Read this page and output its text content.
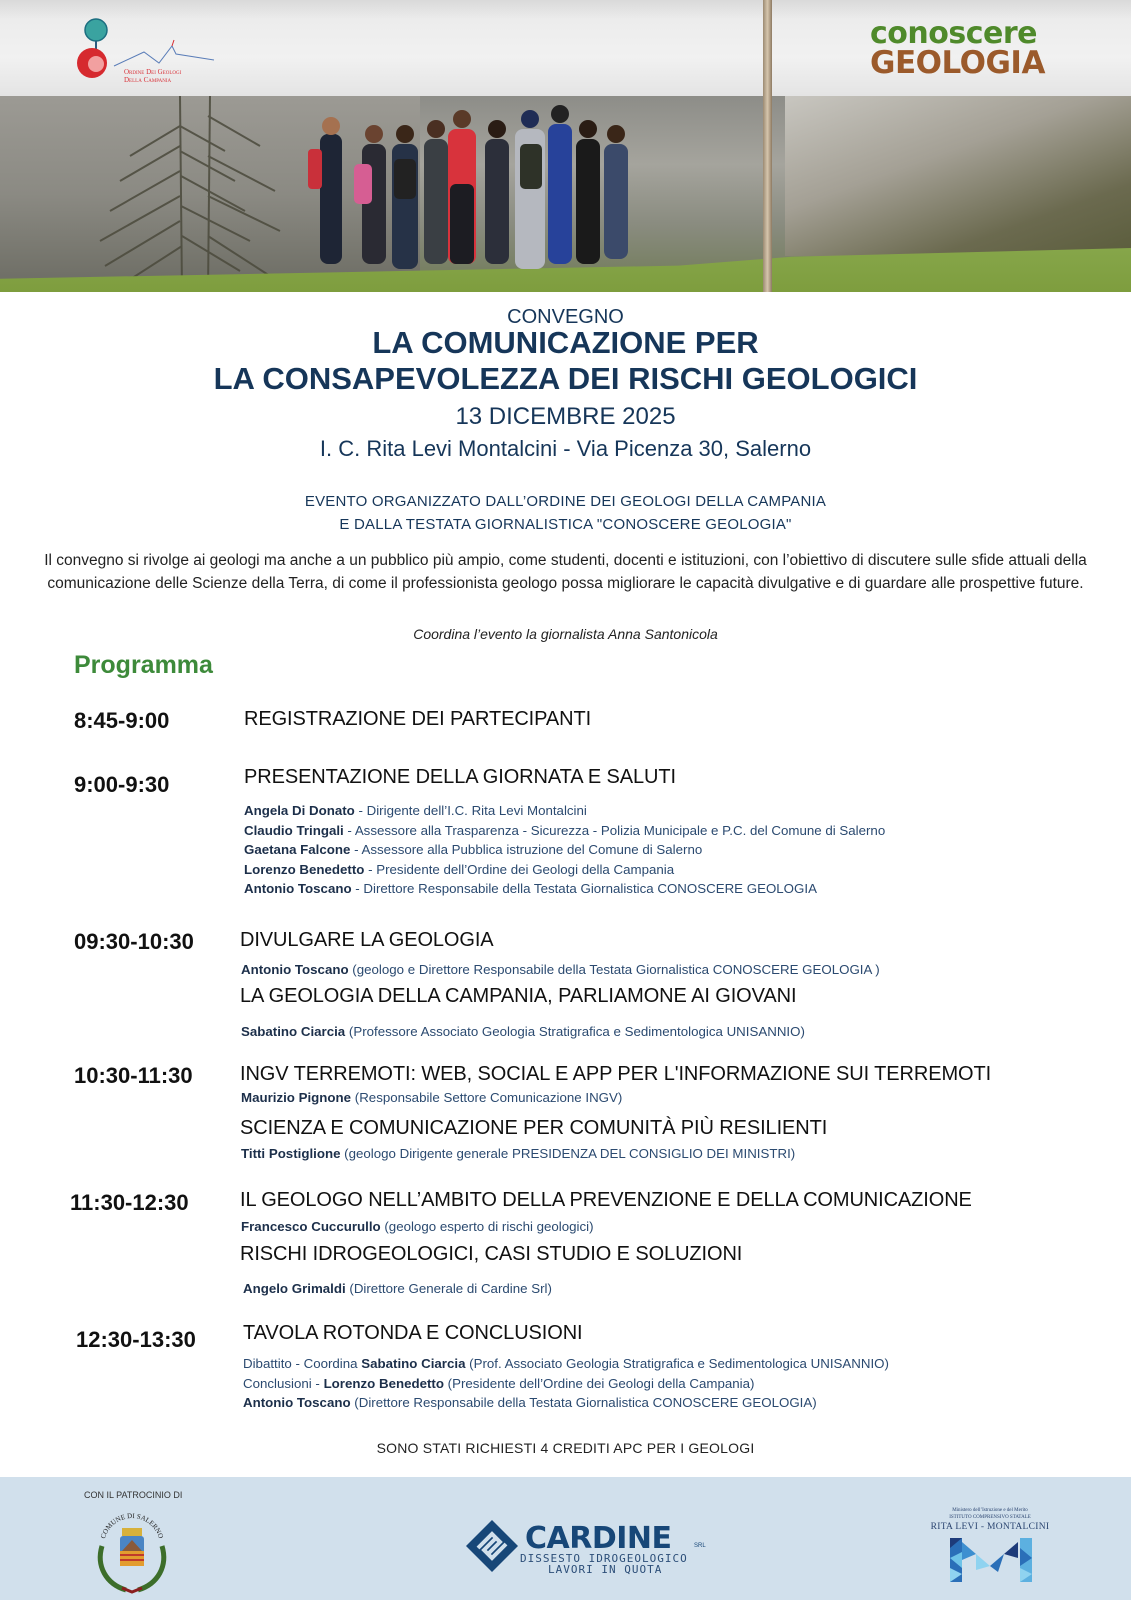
Ordine Dei Geologi
Della Campania
conoscere
GEOLOGIA
CONVEGNO
LA COMUNICAZIONE PER
LA CONSAPEVOLEZZA DEI RISCHI GEOLOGICI
13 DICEMBRE 2025
I. C. Rita Levi Montalcini - Via Picenza 30, Salerno
EVENTO ORGANIZZATO DALL’ORDINE DEI GEOLOGI DELLA CAMPANIA
E DALLA TESTATA GIORNALISTICA "CONOSCERE GEOLOGIA"
Il convegno si rivolge ai geologi ma anche a un pubblico più ampio, come studenti, docenti e istituzioni, con l’obiettivo di discutere sulle sfide attuali della comunicazione delle Scienze della Terra, di come il professionista geologo possa migliorare le capacità divulgative e di guardare alle prospettive future.
Coordina l’evento la giornalista Anna Santonicola
Programma
8:45-9:00	REGISTRAZIONE DEI PARTECIPANTI
9:00-9:30	PRESENTAZIONE DELLA GIORNATA E SALUTI
Angela Di Donato - Dirigente dell’I.C. Rita Levi Montalcini
Claudio Tringali - Assessore alla Trasparenza - Sicurezza - Polizia Municipale e P.C. del Comune di Salerno
Gaetana Falcone - Assessore alla Pubblica istruzione del Comune di Salerno
Lorenzo Benedetto - Presidente dell’Ordine dei Geologi della Campania
Antonio Toscano - Direttore Responsabile della Testata Giornalistica CONOSCERE GEOLOGIA
09:30-10:30 DIVULGARE LA GEOLOGIA
Antonio Toscano (geologo e Direttore Responsabile della Testata Giornalistica CONOSCERE GEOLOGIA )
LA GEOLOGIA DELLA CAMPANIA, PARLIAMONE AI GIOVANI
Sabatino Ciarcia (Professore Associato Geologia Stratigrafica e Sedimentologica UNISANNIO)
10:30-11:30 INGV TERREMOTI: WEB, SOCIAL E APP PER L'INFORMAZIONE SUI TERREMOTI
Maurizio Pignone (Responsabile Settore Comunicazione INGV)
SCIENZA E COMUNICAZIONE PER COMUNITÀ PIÙ RESILIENTI
Titti Postiglione (geologo Dirigente generale PRESIDENZA DEL CONSIGLIO DEI MINISTRI)
11:30-12:30	IL GEOLOGO NELL’AMBITO DELLA PREVENZIONE E DELLA COMUNICAZIONE
Francesco Cuccurullo (geologo esperto di rischi geologici)
RISCHI IDROGEOLOGICI, CASI STUDIO E SOLUZIONI
Angelo Grimaldi (Direttore Generale di Cardine Srl)
12:30-13:30 TAVOLA ROTONDA E CONCLUSIONI
Dibattito - Coordina Sabatino Ciarcia (Prof. Associato Geologia Stratigrafica e Sedimentologica UNISANNIO)
Conclusioni - Lorenzo Benedetto (Presidente dell’Ordine dei Geologi della Campania)
Antonio Toscano (Direttore Responsabile della Testata Giornalistica CONOSCERE GEOLOGIA)
SONO STATI RICHIESTI 4 CREDITI APC PER I GEOLOGI
CON IL PATROCINIO DI
COMUNE DI SALERNO	CARDINE	SRL
DISSESTO IDROGEOLOGICO
LAVORI IN QUOTA
Ministero dell’Istruzione e del Merito
ISTITUTO COMPRENSIVO STATALE
RITA LEVI - MONTALCINI
